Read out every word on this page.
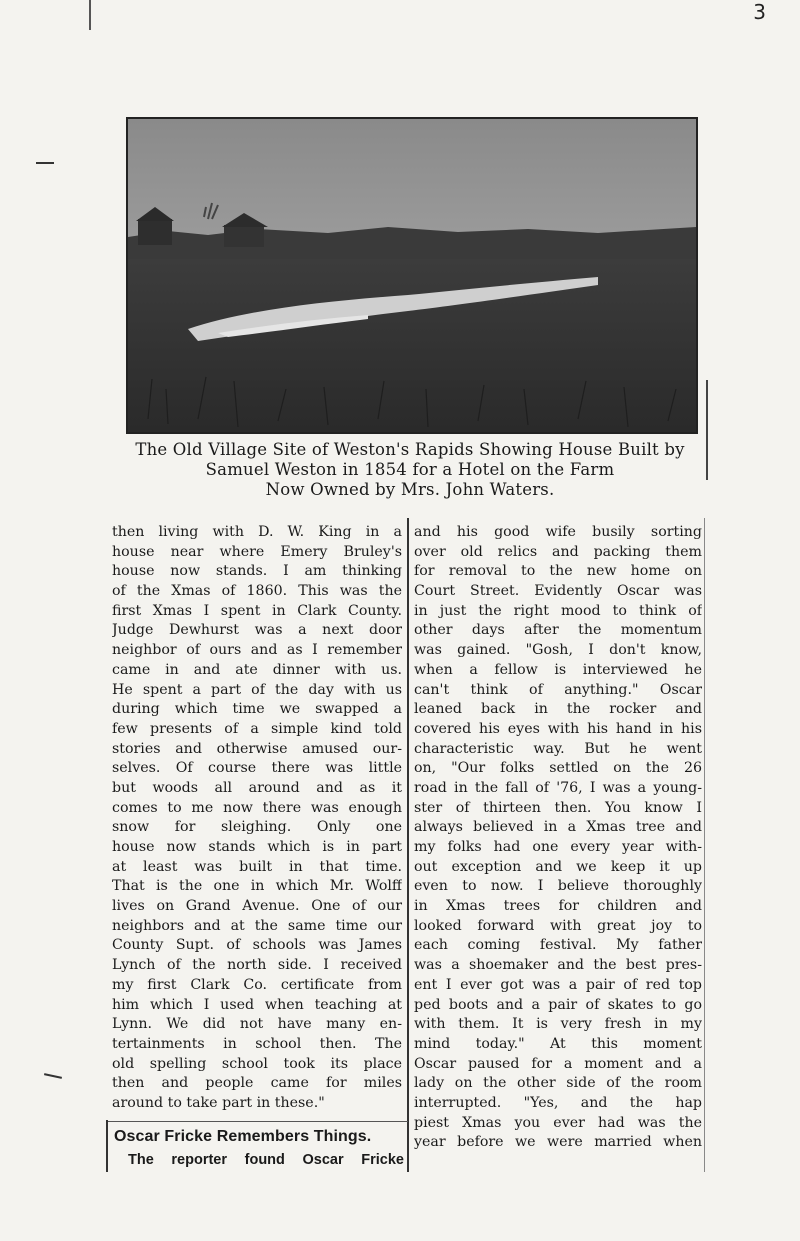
3
The Old Village Site of Weston's Rapids Showing House Built by
Samuel Weston in 1854 for a Hotel on the Farm
Now Owned by Mrs. John Waters.
then living with D. W. King in a
house near where Emery Bruley's
house now stands. I am thinking
of the Xmas of 1860. This was the
first Xmas I spent in Clark County.
Judge Dewhurst was a next door
neighbor of ours and as I remember
came in and ate dinner with us.
He spent a part of the day with us
during which time we swapped a
few presents of a simple kind told
stories and otherwise amused our-
selves. Of course there was little
but woods all around and as it
comes to me now there was enough
snow for sleighing. Only one
house now stands which is in part
at least was built in that time.
That is the one in which Mr. Wolff
lives on Grand Avenue. One of our
neighbors and at the same time our
County Supt. of schools was James
Lynch of the north side. I received
my first Clark Co. certificate from
him which I used when teaching at
Lynn. We did not have many en-
tertainments in school then. The
old spelling school took its place
then and people came for miles
around to take part in these."
Oscar Fricke Remembers Things.
The reporter found Oscar Fricke
and his good wife busily sorting
over old relics and packing them
for removal to the new home on
Court Street. Evidently Oscar was
in just the right mood to think of
other days after the momentum
was gained. "Gosh, I don't know,
when a fellow is interviewed he
can't think of anything." Oscar
leaned back in the rocker and
covered his eyes with his hand in his
characteristic way. But he went
on, "Our folks settled on the 26
road in the fall of '76, I was a young-
ster of thirteen then. You know I
always believed in a Xmas tree and
my folks had one every year with-
out exception and we keep it up
even to now. I believe thoroughly
in Xmas trees for children and
looked forward with great joy to
each coming festival. My father
was a shoemaker and the best pres-
ent I ever got was a pair of red top
ped boots and a pair of skates to go
with them. It is very fresh in my
mind today." At this moment
Oscar paused for a moment and a
lady on the other side of the room
interrupted. "Yes, and the hap
piest Xmas you ever had was the
year before we were married when
